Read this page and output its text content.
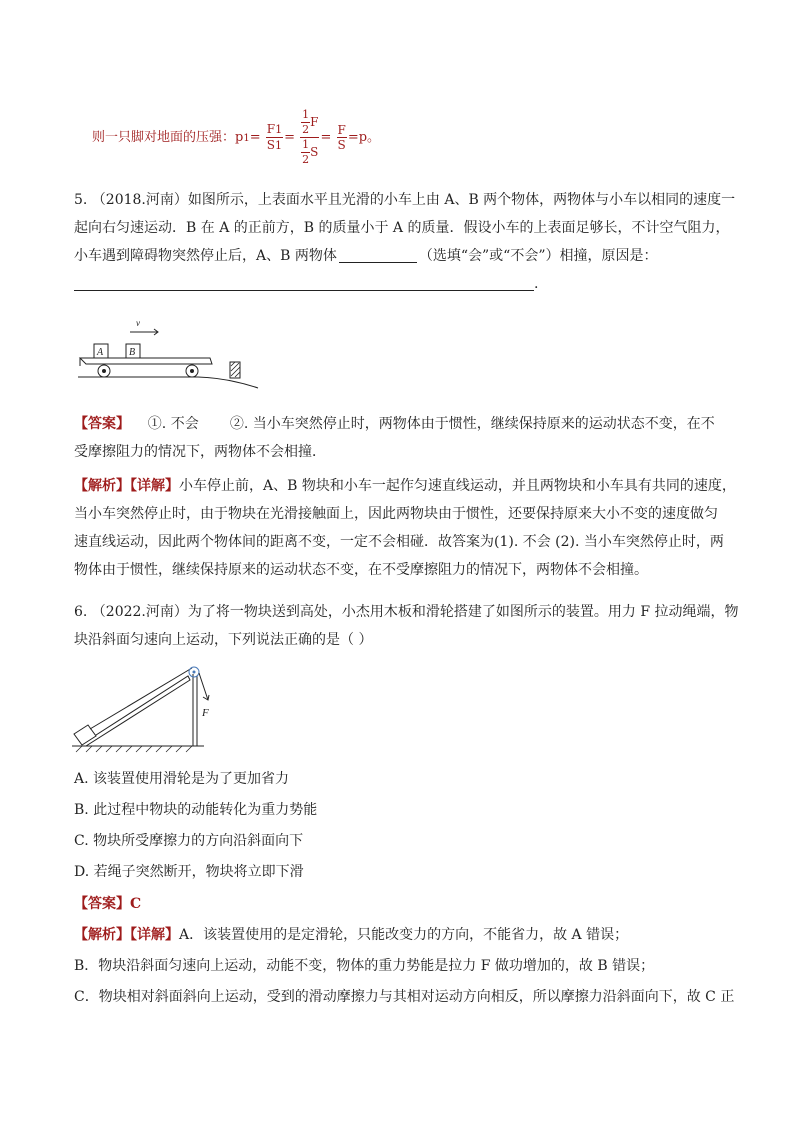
则一只脚对地面的压强：$p1= \frac{F1}{S1} = \frac{\frac{1}{2} F}{\frac{1}{2} S} = \frac{F}{S} =p$。
5. （2018.河南）如图所示，上表面水平且光滑的小车上由 A、B 两个物体，两物体与小车以相同的速度一
起向右匀速运动．B 在 A 的正前方，B 的质量小于 A 的质量．假设小车的上表面足够长，不计空气阻力，
小车遇到障碍物突然停止后，A、B 两物体	（选填“会”或“不会”）相撞，原因是：
.
v
A	B
【答案】    ①. 不会       ②. 当小车突然停止时，两物体由于惯性，继续保持原来的运动状态不变，在不
受摩擦阻力的情况下，两物体不会相撞．
【解析】【详解】小车停止前，A、B 物块和小车一起作匀速直线运动，并且两物块和小车具有共同的速度，
当小车突然停止时，由于物块在光滑接触面上，因此两物块由于惯性，还要保持原来大小不变的速度做匀
速直线运动，因此两个物体间的距离不变，一定不会相碰．故答案为(1). 不会 (2). 当小车突然停止时，两
物体由于惯性，继续保持原来的运动状态不变，在不受摩擦阻力的情况下，两物体不会相撞。
6. （2022.河南）为了将一物块送到高处，小杰用木板和滑轮搭建了如图所示的装置。用力 F 拉动绳端，物
块沿斜面匀速向上运动，下列说法正确的是（ ）
F
A. 该装置使用滑轮是为了更加省力
B. 此过程中物块的动能转化为重力势能
C. 物块所受摩擦力的方向沿斜面向下
D. 若绳子突然断开，物块将立即下滑
【答案】C
【解析】【详解】A．该装置使用的是定滑轮，只能改变力的方向，不能省力，故 A 错误；
B．物块沿斜面匀速向上运动，动能不变，物体的重力势能是拉力 F 做功增加的，故 B 错误；
C．物块相对斜面斜向上运动，受到的滑动摩擦力与其相对运动方向相反，所以摩擦力沿斜面向下，故 C 正
